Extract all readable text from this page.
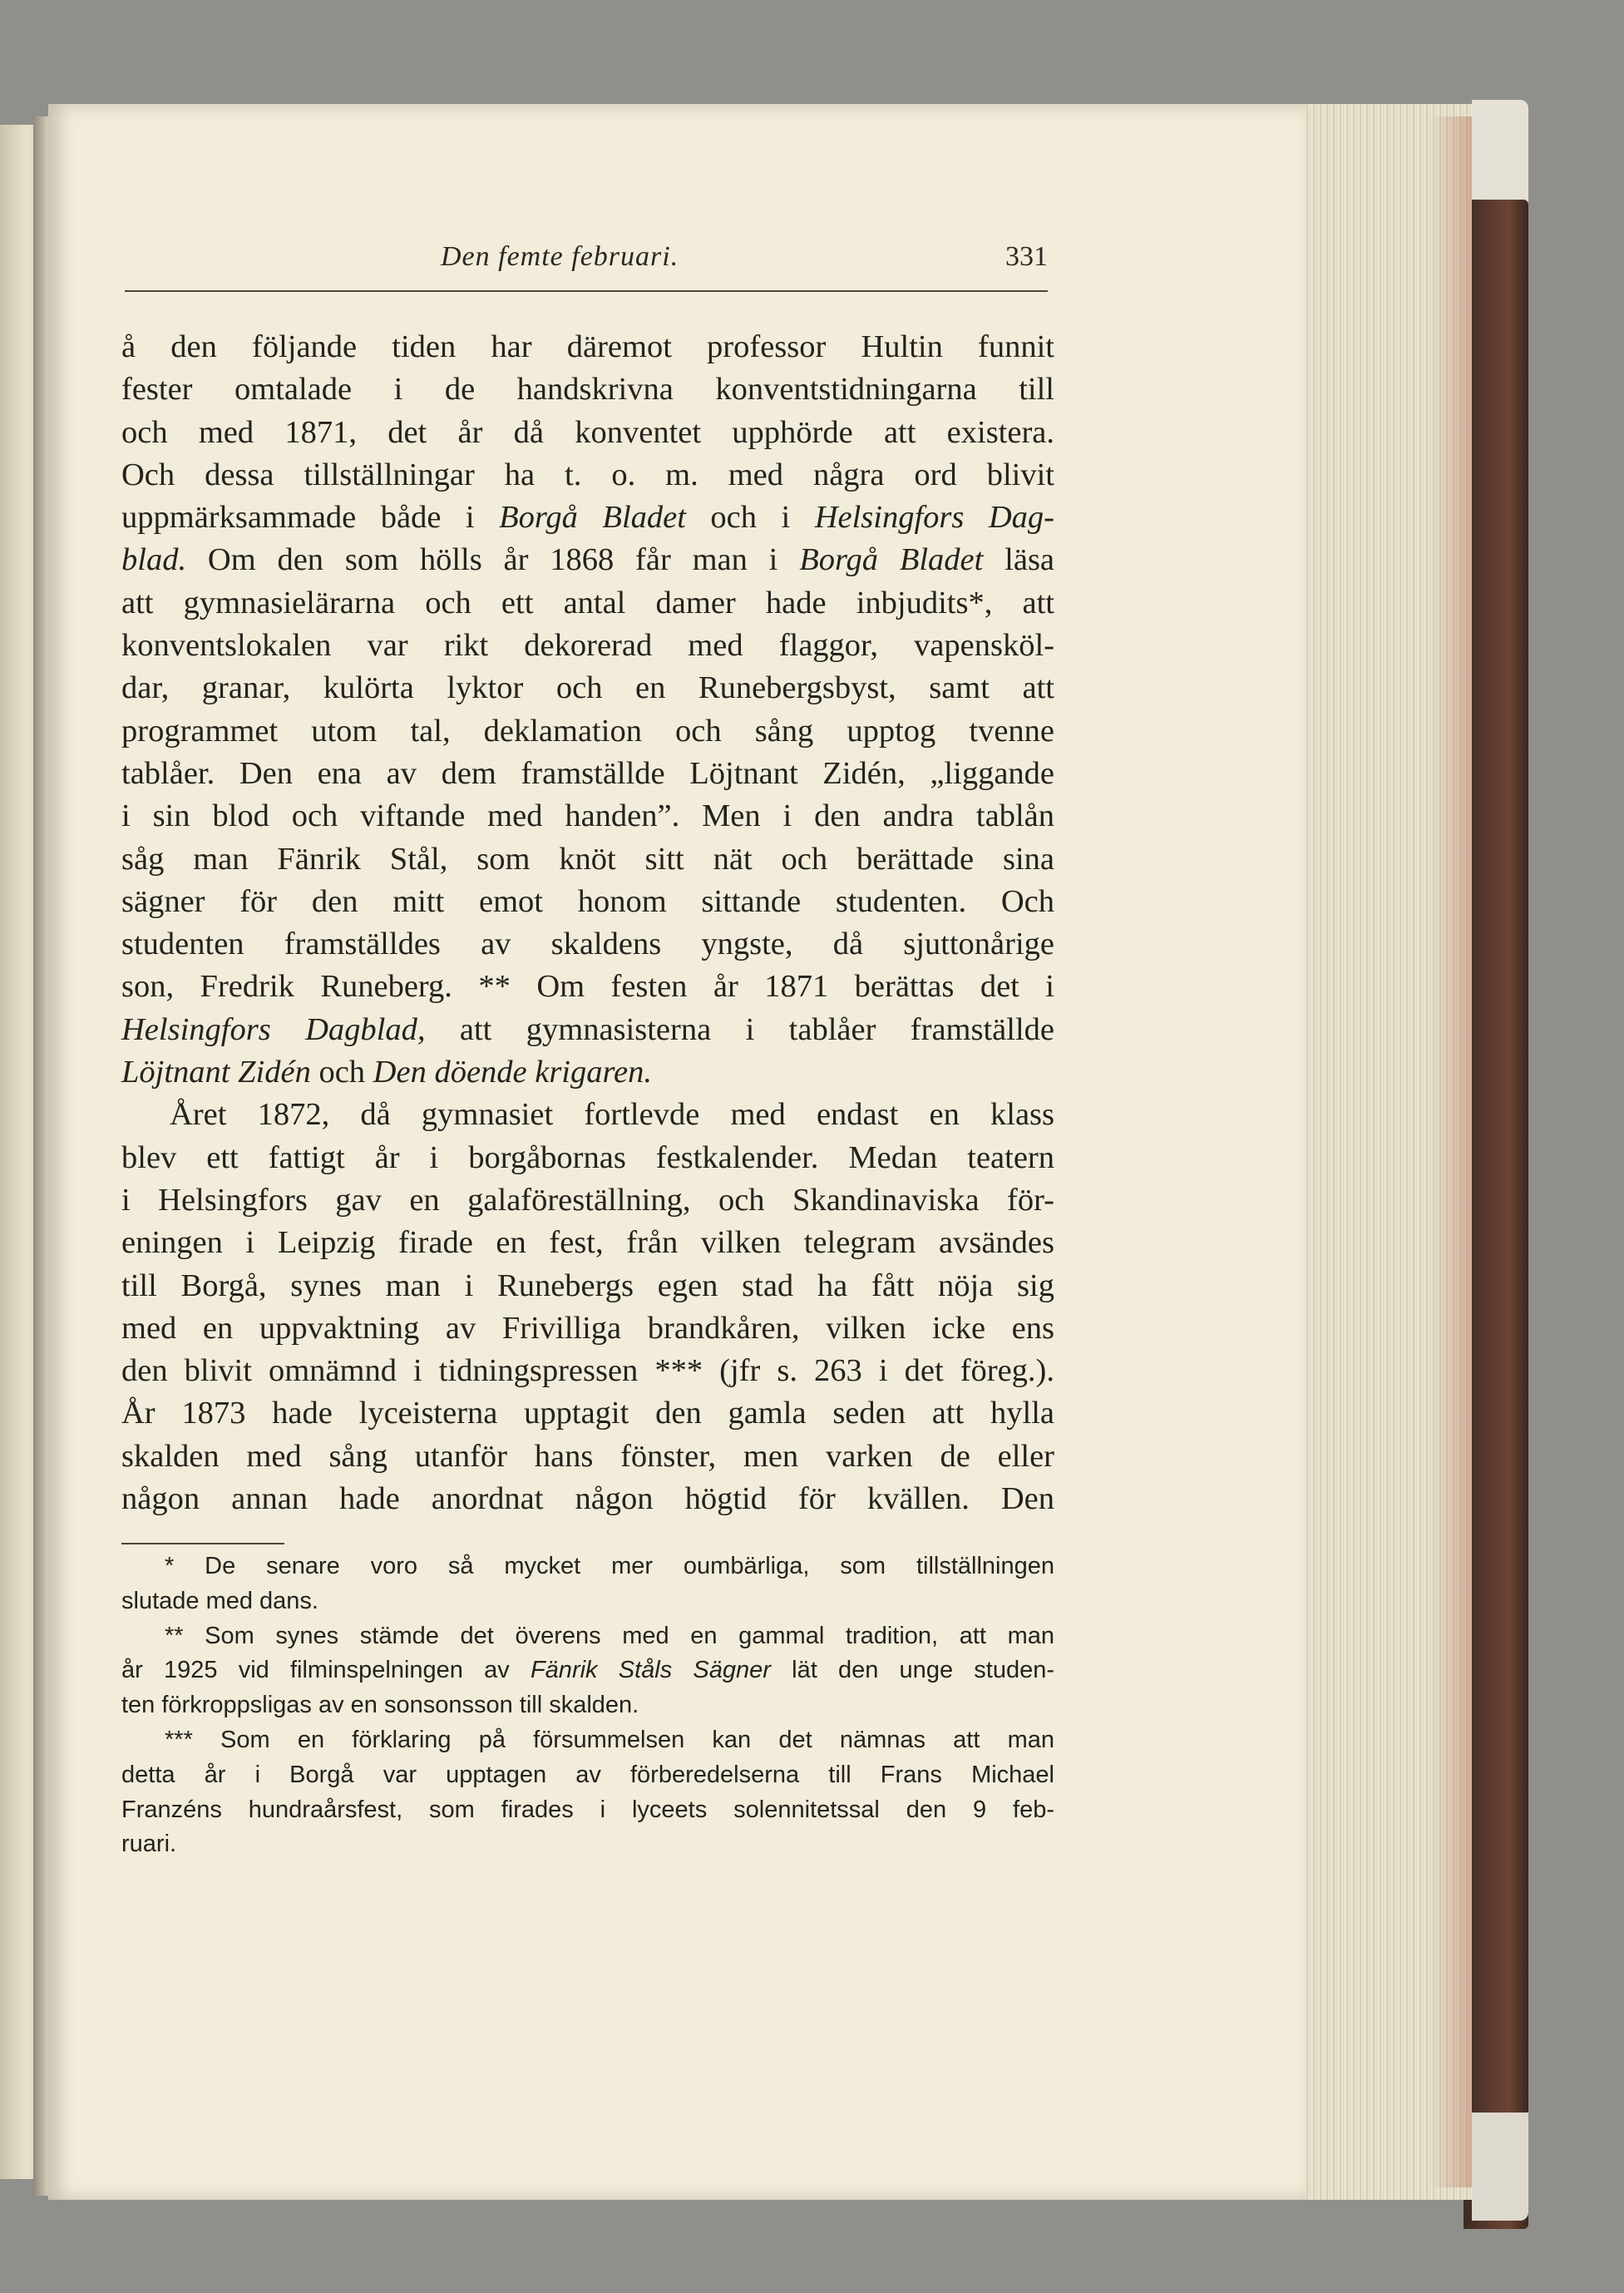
Den femte februari.	331
å den följande tiden har däremot professor Hultin funnit
fester omtalade i de handskrivna konventstidningarna till
och med 1871, det år då konventet upphörde att existera.
Och dessa tillställningar ha t. o. m. med några ord blivit
uppmärksammade både i Borgå Bladet och i Helsingfors Dag-
blad. Om den som hölls år 1868 får man i Borgå Bladet läsa
att gymnasielärarna och ett antal damer hade inbjudits*, att
konventslokalen var rikt dekorerad med flaggor, vapensköl-
dar, granar, kulörta lyktor och en Runebergsbyst, samt att
programmet utom tal, deklamation och sång upptog tvenne
tablåer. Den ena av dem framställde Löjtnant Zidén, „liggande
i sin blod och viftande med handen”. Men i den andra tablån
såg man Fänrik Stål, som knöt sitt nät och berättade sina
sägner för den mitt emot honom sittande studenten. Och
studenten framställdes av skaldens yngste, då sjuttonårige
son, Fredrik Runeberg. ** Om festen år 1871 berättas det i
Helsingfors Dagblad, att gymnasisterna i tablåer framställde
Löjtnant Zidén och Den döende krigaren.
Året 1872, då gymnasiet fortlevde med endast en klass
blev ett fattigt år i borgåbornas festkalender. Medan teatern
i Helsingfors gav en galaföreställning, och Skandinaviska för-
eningen i Leipzig firade en fest, från vilken telegram avsändes
till Borgå, synes man i Runebergs egen stad ha fått nöja sig
med en uppvaktning av Frivilliga brandkåren, vilken icke ens
den blivit omnämnd i tidningspressen *** (jfr s. 263 i det föreg.).
År 1873 hade lyceisterna upptagit den gamla seden att hylla
skalden med sång utanför hans fönster, men varken de eller
någon annan hade anordnat någon högtid för kvällen. Den
* De senare voro så mycket mer oumbärliga, som tillställningen
slutade med dans.
** Som synes stämde det överens med en gammal tradition, att man
år 1925 vid filminspelningen av Fänrik Ståls Sägner lät den unge studen-
ten förkroppsligas av en sonsonsson till skalden.
*** Som en förklaring på försummelsen kan det nämnas att man
detta år i Borgå var upptagen av förberedelserna till Frans Michael
Franzéns hundraårsfest, som firades i lyceets solennitetssal den 9 feb-
ruari.
